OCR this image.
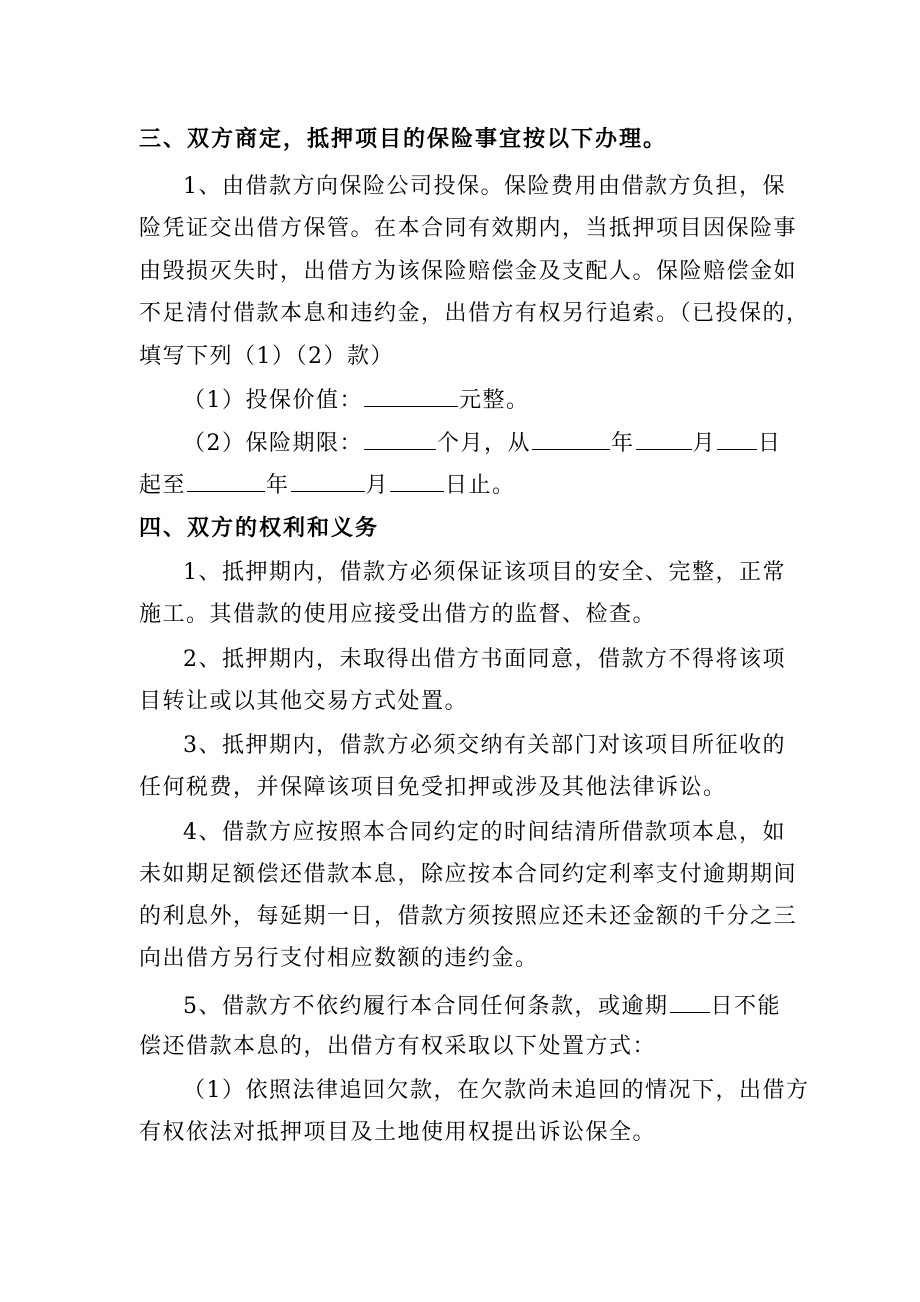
三、双方商定，抵押项目的保险事宜按以下办理。
1、由借款方向保险公司投保。保险费用由借款方负担，保
险凭证交出借方保管。在本合同有效期内，当抵押项目因保险事
由毁损灭失时，出借方为该保险赔偿金及支配人。保险赔偿金如
不足清付借款本息和违约金，出借方有权另行追索。（已投保的，
填写下列（1）（2）款）
（1）投保价值：	元整。
（2）保险期限：	个月，从	年	月 日
起至	年	月	日止。
四、双方的权利和义务
1、抵押期内，借款方必须保证该项目的安全、完整，正常
施工。其借款的使用应接受出借方的监督、检查。
2、抵押期内，未取得出借方书面同意，借款方不得将该项
目转让或以其他交易方式处置。
3、抵押期内，借款方必须交纳有关部门对该项目所征收的
任何税费，并保障该项目免受扣押或涉及其他法律诉讼。
4、借款方应按照本合同约定的时间结清所借款项本息，如
未如期足额偿还借款本息，除应按本合同约定利率支付逾期期间
的利息外，每延期一日，借款方须按照应还未还金额的千分之三
向出借方另行支付相应数额的违约金。
5、借款方不依约履行本合同任何条款，或逾期 日不能
偿还借款本息的，出借方有权采取以下处置方式：
（1）依照法律追回欠款，在欠款尚未追回的情况下，出借方
有权依法对抵押项目及土地使用权提出诉讼保全。
